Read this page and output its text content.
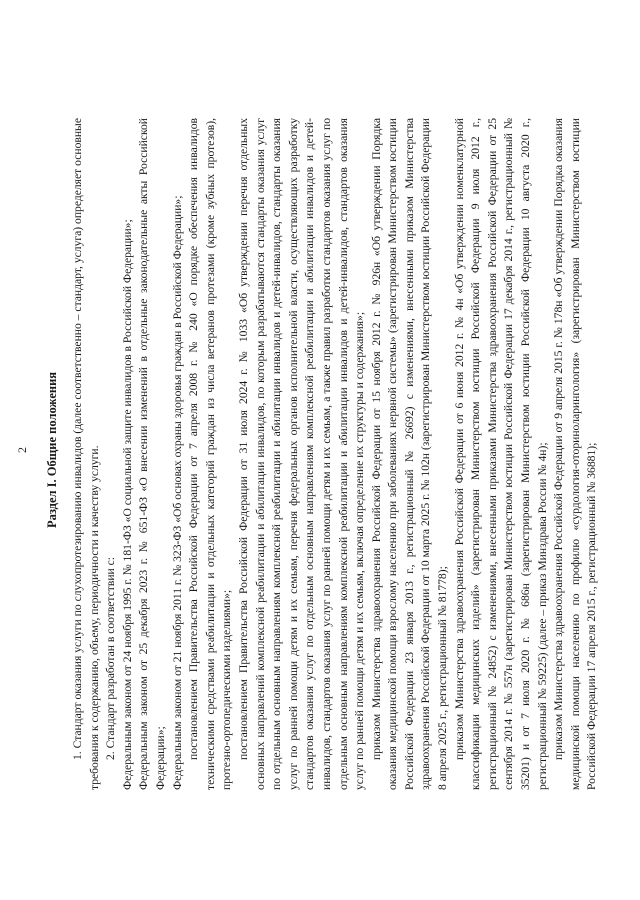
2 Раздел I. Общие положения 1. Стандарт оказания услуги по слухопротезированию инвалидов (далее соответственно – стандарт, услуга) определяет основные требования к содержанию, объему, периодичности и качеству услуги. 2. Стандарт разработан в соответствии с: Федеральным законом от 24 ноября 1995 г. № 181-ФЗ «О социальной защите инвалидов в Российской Федерации»; Федеральным законом от 25 декабря 2023 г. № 651-ФЗ «О внесении изменений в отдельные законодательные акты Российской Федерации»; Федеральным законом от 21 ноября 2011 г. № 323-ФЗ «Об основах охраны здоровья граждан в Российской Федерации»; постановлением Правительства Российской Федерации от 7 апреля 2008 г. № 240 «О порядке обеспечения инвалидов техническими средствами реабилитации и отдельных категорий граждан из числа ветеранов протезами (кроме зубных протезов), протезно-ортопедическими изделиями»; постановлением Правительства Российской Федерации от 31 июля 2024 г. № 1033 «Об утверждении перечня отдельных основных направлений комплексной реабилитации и абилитации инвалидов, по которым разрабатываются стандарты оказания услуг по отдельным основным направлениям комплексной реабилитации и абилитации инвалидов и детей-инвалидов, стандарты оказания услуг по ранней помощи детям и их семьям, перечня федеральных органов исполнительной власти, осуществляющих разработку стандартов оказания услуг по отдельным основным направлениям комплексной реабилитации и абилитации инвалидов и детей-инвалидов, стандартов оказания услуг по ранней помощи детям и их семьям, а также правил разработки стандартов оказания услуг по отдельным основным направлениям комплексной реабилитации и абилитации инвалидов и детей-инвалидов, стандартов оказания услуг по ранней помощи детям и их семьям, включая определение их структуры и содержания»; приказом Министерства здравоохранения Российской Федерации от 15 ноября 2012 г. № 926н «Об утверждении Порядка оказания медицинской помощи взрослому населению при заболеваниях нервной системы» (зарегистрирован Министерством юстиции Российской Федерации 23 января 2013 г., регистрационный № 26692) с изменениями, внесенными приказом Министерства здравоохранения Российской Федерации от 10 марта 2025 г. № 102н (зарегистрирован Министерством юстиции Российской Федерации 8 апреля 2025 г., регистрационный № 81778); приказом Министерства здравоохранения Российской Федерации от 6 июня 2012 г. № 4н «Об утверждении номенклатурной классификации медицинских изделий» (зарегистрирован Министерством юстиции Российской Федерации 9 июля 2012 г., регистрационный № 24852) с изменениями, внесенными приказами Министерства здравоохранения Российской Федерации от 25 сентября 2014 г. № 557н (зарегистрирован Министерством юстиции Российской Федерации 17 декабря 2014 г., регистрационный № 35201) и от 7 июля 2020 г. № 686н (зарегистрирован Министерством юстиции Российской Федерации 10 августа 2020 г., регистрационный № 59225) (далее – приказ Минздрава России № 4н); приказом Министерства здравоохранения Российской Федерации от 9 апреля 2015 г. № 178н «Об утверждении Порядка оказания медицинской помощи населению по профилю «сурдология-оториноларингология» (зарегистрирован Министерством юстиции Российской Федерации 17 апреля 2015 г., регистрационный № 36881);
